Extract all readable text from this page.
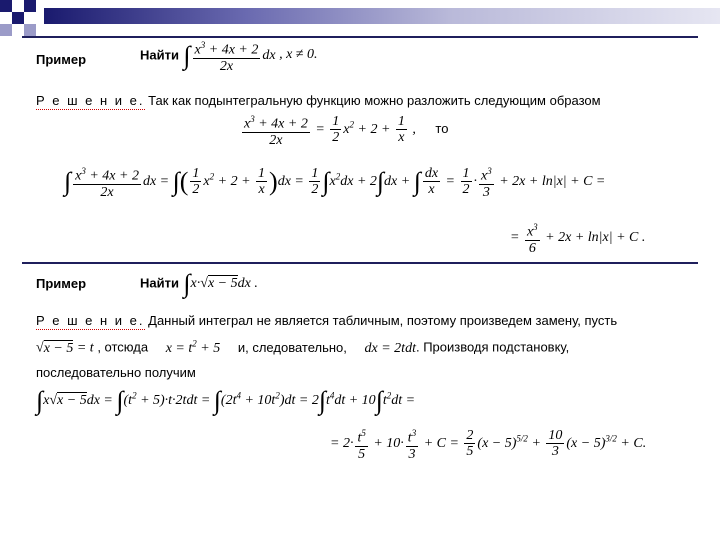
Пример	Найти ∫ $\frac{x^3 + 4x + 2}{2x}$ dx , x ≠ 0.
Р е ш е н и е. Так как подынтегральную функцию можно разложить следующим образом
$\frac{x^3 + 4x + 2}{2x} = \frac{1}{2} x^2 + 2 + \frac{1}{x}$ , то
∫ $\frac{x^3 + 4x + 2}{2x}$ dx = ∫( $\frac{1}{2} x^2 + 2 + \frac{1}{x} )dx = \frac{1}{2} \int x^2dx + 2\int dx$ + ∫ $\frac{dx}{x} = \frac{1}{2} \cdot \frac{x^3}{3} + 2x + \ln|x| + C$ =
= $\frac{x^3}{6} + 2x + \ln|x| + C$ .
Пример	Найти ∫x·√x − 5dx .
Р е ш е н и е. Данный интеграл не является табличным, поэтому произведем замену, пусть
√x − 5 = t , отсюда $x = t^2 + 5$ и, следовательно, dx = 2tdt. Производя подстановку,
последовательно получим
$\int x√x - 5dx = \int(t^2 + 5)\cdot t\cdot 2tdt = \int(2t^4 + 10t^2)dt = 2\int t^4dt + 10\int t^2dt$ =
= $2\cdot \frac{t^5}{5} + 10\cdot \frac{t^3}{3} + C = \frac{2}{5} (x - 5)^{5/2} + \frac{10}{3} (x - 5)^{3/2} + C$.
